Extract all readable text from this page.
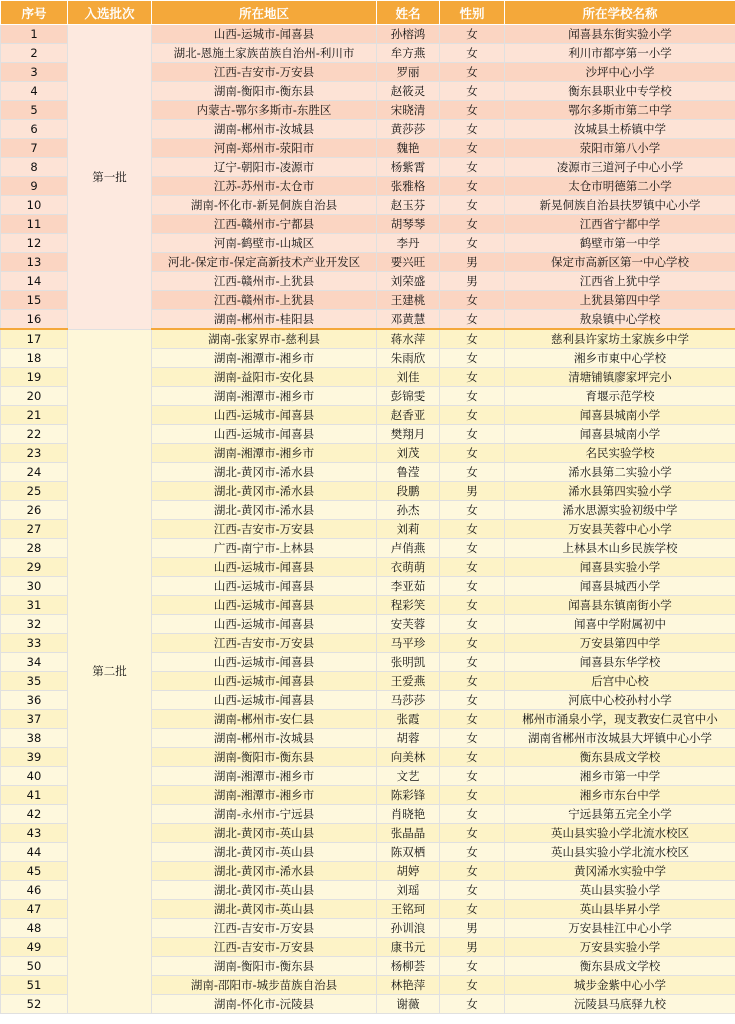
序号	入选批次	所在地区	姓名	性别	所在学校名称
1	第一批	山西-运城市-闻喜县	孙榕鸿	女	闻喜县东街实验小学
2		湖北-恩施土家族苗族自治州-利川市	牟方燕	女	利川市都亭第一小学
3		江西-吉安市-万安县	罗丽	女	沙坪中心小学
4		湖南-衡阳市-衡东县	赵筱灵	女	衡东县职业中专学校
5		内蒙古-鄂尔多斯市-东胜区	宋晓清	女	鄂尔多斯市第二中学
6		湖南-郴州市-汝城县	黄莎莎	女	汝城县土桥镇中学
7		河南-郑州市-荥阳市	魏艳	女	荥阳市第八小学
8		辽宁-朝阳市-凌源市	杨紫霄	女	凌源市三道河子中心小学
9		江苏-苏州市-太仓市	张雅格	女	太仓市明德第二小学
10		湖南-怀化市-新晃侗族自治县	赵玉芬	女	新晃侗族自治县扶罗镇中心小学
11		江西-赣州市-宁都县	胡琴琴	女	江西省宁都中学
12		河南-鹤壁市-山城区	李丹	女	鹤壁市第一中学
13		河北-保定市-保定高新技术产业开发区	要兴旺	男	保定市高新区第一中心学校
14		江西-赣州市-上犹县	刘荣盛	男	江西省上犹中学
15		江西-赣州市-上犹县	王建桃	女	上犹县第四中学
16		湖南-郴州市-桂阳县	邓黄慧	女	敖泉镇中心学校
17	第二批	湖南-张家界市-慈利县	蒋水萍	女	慈利县许家坊土家族乡中学
18		湖南-湘潭市-湘乡市	朱雨欣	女	湘乡市東中心学校
19		湖南-益阳市-安化县	刘佳	女	清塘铺镇廖家坪完小
20		湖南-湘潭市-湘乡市	彭锦雯	女	育堰示范学校
21		山西-运城市-闻喜县	赵香亚	女	闻喜县城南小学
22		山西-运城市-闻喜县	樊翔月	女	闻喜县城南小学
23		湖南-湘潭市-湘乡市	刘茂	女	名民实验学校
24		湖北-黄冈市-浠水县	鲁滢	女	浠水县第二实验小学
25		湖北-黄冈市-浠水县	段鹏	男	浠水县第四实验小学
26		湖北-黄冈市-浠水县	孙杰	女	浠水思源实验初级中学
27		江西-吉安市-万安县	刘莉	女	万安县芙蓉中心小学
28		广西-南宁市-上林县	卢俏燕	女	上林县木山乡民族学校
29		山西-运城市-闻喜县	衣萌萌	女	闻喜县实验小学
30		山西-运城市-闻喜县	李亚茹	女	闻喜县城西小学
31		山西-运城市-闻喜县	程彩笑	女	闻喜县东镇南街小学
32		山西-运城市-闻喜县	安芙蓉	女	闻喜中学附属初中
33		江西-吉安市-万安县	马平珍	女	万安县第四中学
34		山西-运城市-闻喜县	张明凯	女	闻喜县东华学校
35		山西-运城市-闻喜县	王爱燕	女	后宫中心校
36		山西-运城市-闻喜县	马莎莎	女	河底中心校孙村小学
37		湖南-郴州市-安仁县	张霞	女	郴州市涌泉小学，现支教安仁灵官中小
38		湖南-郴州市-汝城县	胡蓉	女	湖南省郴州市汝城县大坪镇中心小学
39		湖南-衡阳市-衡东县	向美林	女	衡东县成文学校
40		湖南-湘潭市-湘乡市	文艺	女	湘乡市第一中学
41		湖南-湘潭市-湘乡市	陈彩锋	女	湘乡市东台中学
42		湖南-永州市-宁远县	肖晓艳	女	宁远县第五完全小学
43		湖北-黄冈市-英山县	张晶晶	女	英山县实验小学北流水校区
44		湖北-黄冈市-英山县	陈双栖	女	英山县实验小学北流水校区
45		湖北-黄冈市-浠水县	胡婷	女	黄冈浠水实验中学
46		湖北-黄冈市-英山县	刘瑶	女	英山县实验小学
47		湖北-黄冈市-英山县	王铭珂	女	英山县毕昇小学
48		江西-吉安市-万安县	孙训浪	男	万安县桂江中心小学
49		江西-吉安市-万安县	康书元	男	万安县实验小学
50		湖南-衡阳市-衡东县	杨柳荟	女	衡东县成文学校
51		湖南-邵阳市-城步苗族自治县	林艳萍	女	城步金紫中心小学
52		湖南-怀化市-沅陵县	谢薇	女	沅陵县马底驿九校
